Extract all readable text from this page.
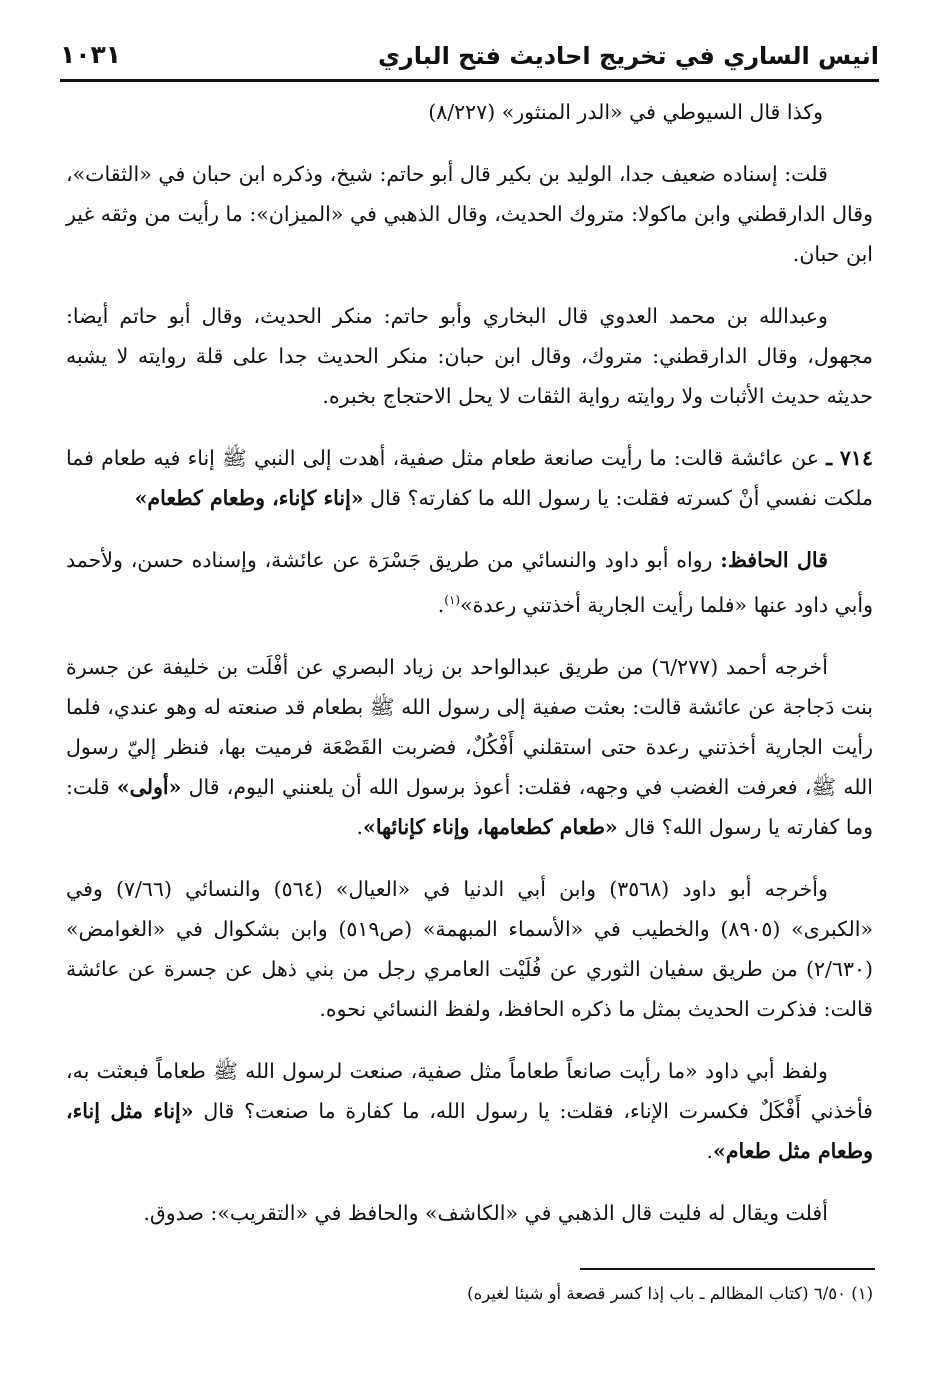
انيس الساري في تخريج احاديث فتح الباري
١٠٣١

وكذا قال السيوطي في «الدر المنثور» (٨/٢٢٧)

قلت: إسناده ضعيف جدا، الوليد بن بكير قال أبو حاتم: شيخ، وذكره ابن حبان في «الثقات»، وقال الدارقطني وابن ماكولا: متروك الحديث، وقال الذهبي في «الميزان»: ما رأيت من وثقه غير ابن حبان.

وعبدالله بن محمد العدوي قال البخاري وأبو حاتم: منكر الحديث، وقال أبو حاتم أيضا: مجهول، وقال الدارقطني: متروك، وقال ابن حبان: منكر الحديث جدا على قلة روايته لا يشبه حديثه حديث الأثبات ولا روايته رواية الثقات لا يحل الاحتجاج بخبره.

٧١٤ ـ عن عائشة قالت: ما رأيت صانعة طعام مثل صفية، أهدت إلى النبي ﷺ إناء فيه طعام فما ملكت نفسي أنْ كسرته فقلت: يا رسول الله ما كفارته؟ قال «إناء كإناء، وطعام كطعام»

قال الحافظ: رواه أبو داود والنسائي من طريق جَسْرَة عن عائشة، وإسناده حسن، ولأحمد وأبي داود عنها «فلما رأيت الجارية أخذتني رعدة»$^{(١)}$.

أخرجه أحمد (٦/٢٧٧) من طريق عبدالواحد بن زياد البصري عن أفْلَت بن خليفة عن جسرة بنت دَجاجة عن عائشة قالت: بعثت صفية إلى رسول الله ﷺ بطعام قد صنعته له وهو عندي، فلما رأيت الجارية أخذتني رعدة حتى استقلني أَفْكُلٌ، فضربت القَصْعَة فرميت بها، فنظر إليّ رسول الله ﷺ، فعرفت الغضب في وجهه، فقلت: أعوذ برسول الله أن يلعنني اليوم، قال «أولى» قلت: وما كفارته يا رسول الله؟ قال «طعام كطعامها، وإناء كإنائها».

وأخرجه أبو داود (٣٥٦٨) وابن أبي الدنيا في «العيال» (٥٦٤) والنسائي (٧/٦٦) وفي «الكبرى» (٨٩٠٥) والخطيب في «الأسماء المبهمة» (ص٥١٩) وابن بشكوال في «الغوامض» (٢/٦٣٠) من طريق سفيان الثوري عن فُلَيْت العامري رجل من بني ذهل عن جسرة عن عائشة قالت: فذكرت الحديث بمثل ما ذكره الحافظ، ولفظ النسائي نحوه.

ولفظ أبي داود «ما رأيت صانعاً طعاماً مثل صفية، صنعت لرسول الله ﷺ طعاماً فبعثت به، فأخذني أَفْكَلٌ فكسرت الإناء، فقلت: يا رسول الله، ما كفارة ما صنعت؟ قال «إناء مثل إناء، وطعام مثل طعام».

أفلت ويقال له فليت قال الذهبي في «الكاشف» والحافظ في «التقريب»: صدوق.

(١) ٦/٥٠ (كتاب المظالم ـ باب إذا كسر قصعة أو شيئا لغيره)
